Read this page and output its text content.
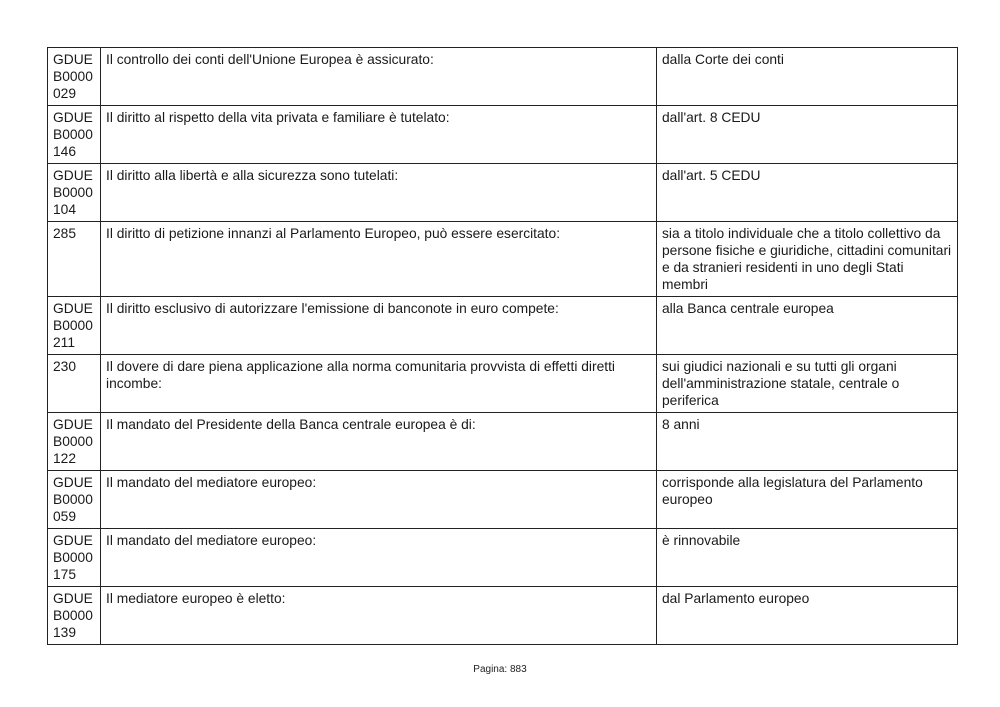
GDUEB0000029	Il controllo dei conti dell'Unione Europea è assicurato:	dalla Corte dei conti

GDUEB0000146	Il diritto al rispetto della vita privata e familiare è tutelato:	dall'art. 8 CEDU

GDUEB0000104	Il diritto alla libertà e alla sicurezza sono tutelati:	dall'art. 5 CEDU

285	Il diritto di petizione innanzi al Parlamento Europeo, può essere esercitato:	sia a titolo individuale che a titolo collettivo da persone fisiche e giuridiche, cittadini comunitari e da stranieri residenti in uno degli Stati membri

GDUEB0000211	Il diritto esclusivo di autorizzare l'emissione di banconote in euro compete:	alla Banca centrale europea

230	Il dovere di dare piena applicazione alla norma comunitaria provvista di effetti diretti incombe:	sui giudici nazionali e su tutti gli organi dell'amministrazione statale, centrale o periferica

GDUEB0000122	Il mandato del Presidente della Banca centrale europea è di:	8 anni

GDUEB0000059	Il mandato del mediatore europeo:	corrisponde alla legislatura del Parlamento europeo

GDUEB0000175	Il mandato del mediatore europeo:	è rinnovabile

GDUEB0000139	Il mediatore europeo è eletto:	dal Parlamento europeo
Pagina: 883
